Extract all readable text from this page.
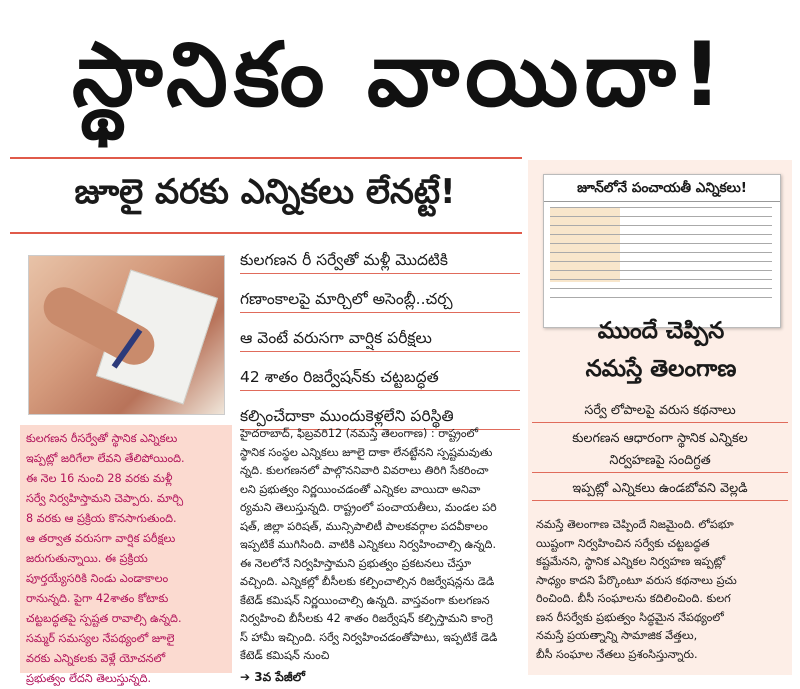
స్థానికం వాయిదా!
జూలై వరకు ఎన్నికలు లేనట్టే!
కులగణన రీ సర్వేతో మళ్లీ మొదటికి
గణాంకాలపై మార్చిలో అసెంబ్లీ..చర్చ
ఆ వెంటే వరుసగా వార్షిక పరీక్షలు
42 శాతం రిజర్వేషన్‌కు చట్టబద్ధత
కల్పించేదాకా ముందుకెళ్లలేని పరిస్థితి

కులగణన రీసర్వేతో స్థానిక ఎన్నికలు

ఇప్పట్లో జరిగేలా లేవని తేలిపోయింది.

ఈ నెల 16 నుంచి 28 వరకు మళ్లీ

సర్వే నిర్వహిస్తామని చెప్పారు. మార్చి

8 వరకు ఆ ప్రక్రియ కొనసాగుతుంది.

ఆ తర్వాత వరుసగా వార్షిక పరీక్షలు

జరుగుతున్నాయి. ఈ ప్రక్రియ

పూర్తయ్యేసరికి నిండు ఎండాకాలం

రానున్నది. పైగా 42శాతం కోటాకు

చట్టబద్ధతపై స్పష్టత రావాల్సి ఉన్నది.

సమ్మర్ సమస్యల నేపథ్యంలో జూలై

వరకు ఎన్నికలకు వెళ్లే యోచనలో

ప్రభుత్వం లేదని తెలుస్తున్నది.

హైదరాబాద్, ఫిబ్రవరి12 (నమస్తే తెలంగాణ) : రాష్ట్రంలో

స్థానిక సంస్థల ఎన్నికలు జూలై దాకా లేనట్టేనని స్పష్టమవుతు

న్నది. కులగణనలో పాల్గొననివారి వివరాలు తిరిగి సేకరించా

లని ప్రభుత్వం నిర్ణయించడంతో ఎన్నికల వాయిదా అనివా

ర్యమని తెలుస్తున్నది. రాష్ట్రంలో పంచాయతీలు, మండల పరి

షత్, జిల్లా పరిషత్, మున్సిపాలిటీ పాలకవర్గాల పదవీకాలం

ఇప్పటికే ముగిసింది. వాటికి ఎన్నికలు నిర్వహించాల్సి ఉన్నది.

ఈ నెలలోనే నిర్వహిస్తామని ప్రభుత్వం ప్రకటనలు చేస్తూ

వచ్చింది. ఎన్నికల్లో బీసీలకు కల్పించాల్సిన రిజర్వేషన్లను డెడి

కేటెడ్ కమిషన్ నిర్ణయించాల్సి ఉన్నది. వాస్తవంగా కులగణన

నిర్వహించి బీసీలకు 42 శాతం రిజర్వేషన్ కల్పిస్తామని కాంగ్రె

స్ హామీ ఇచ్చింది. సర్వే నిర్వహించడంతోపాటు, ఇప్పటికే డెడి

కేటెడ్ కమిషన్ నుంచి

➔ 3వ పేజీలో
జూన్‌లోనే పంచాయతీ ఎన్నికలు!
ముందే చెప్పిన
నమస్తే తెలంగాణ
సర్వే లోపాలపై వరుస కథనాలు
కులగణన ఆధారంగా స్థానిక ఎన్నికల
నిర్వహణపై సందిగ్ధత
ఇప్పట్లో ఎన్నికలు ఉండబోవని వెల్లడి

నమస్తే తెలంగాణ చెప్పిందే నిజమైంది. లోపభూ

యిష్టంగా నిర్వహించిన సర్వేకు చట్టబద్ధత

కష్టమేనని, స్థానిక ఎన్నికల నిర్వహణ ఇప్పట్లో

సాధ్యం కాదని పేర్కొంటూ వరుస కథనాలు ప్రచు

రించింది. బీసీ సంఘాలను కదిలించింది. కులగ

ణన రీసర్వేకు ప్రభుత్వం సిద్ధమైన నేపథ్యంలో

నమస్తే ప్రయత్నాన్ని సామాజిక వేత్తలు,

బీసీ సంఘాల నేతలు ప్రశంసిస్తున్నారు.
